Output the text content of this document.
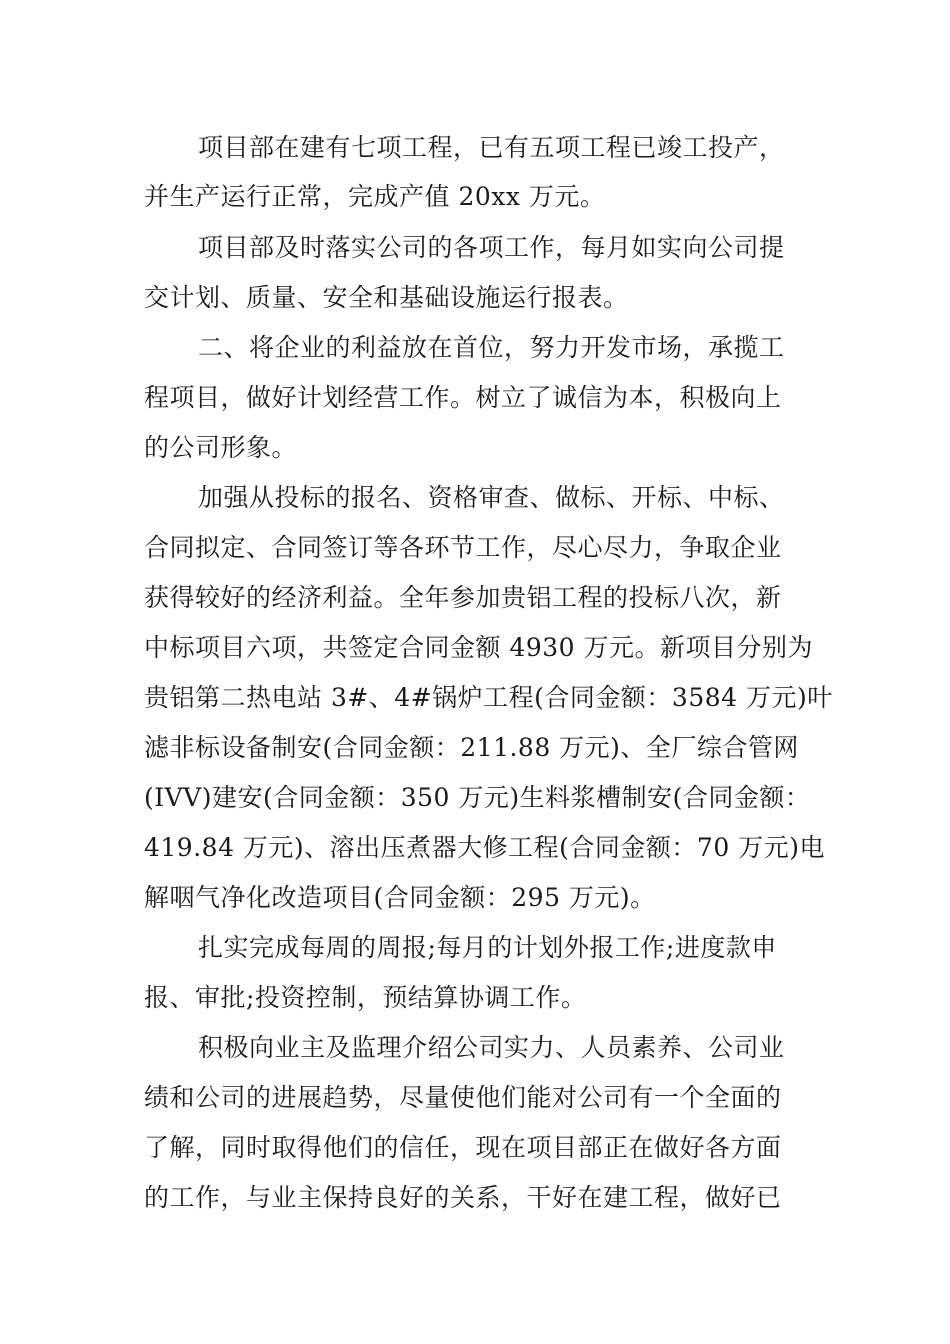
项目部在建有七项工程，已有五项工程已竣工投产，
并生产运行正常，完成产值 20xx 万元。
项目部及时落实公司的各项工作，每月如实向公司提
交计划、质量、安全和基础设施运行报表。
二、将企业的利益放在首位，努力开发市场，承揽工
程项目，做好计划经营工作。树立了诚信为本，积极向上
的公司形象。
加强从投标的报名、资格审查、做标、开标、中标、
合同拟定、合同签订等各环节工作，尽心尽力，争取企业
获得较好的经济利益。全年参加贵铝工程的投标八次，新
中标项目六项，共签定合同金额 4930 万元。新项目分别为
贵铝第二热电站 3#、4#锅炉工程(合同金额：3584 万元)叶
滤非标设备制安(合同金额：211.88 万元)、全厂综合管网
(IVV)建安(合同金额：350 万元)生料浆槽制安(合同金额：
419.84 万元)、溶出压煮器大修工程(合同金额：70 万元)电
解咽气净化改造项目(合同金额：295 万元)。
扎实完成每周的周报;每月的计划外报工作;进度款申
报、审批;投资控制，预结算协调工作。
积极向业主及监理介绍公司实力、人员素养、公司业
绩和公司的进展趋势，尽量使他们能对公司有一个全面的
了解，同时取得他们的信任，现在项目部正在做好各方面
的工作，与业主保持良好的关系，干好在建工程，做好已
